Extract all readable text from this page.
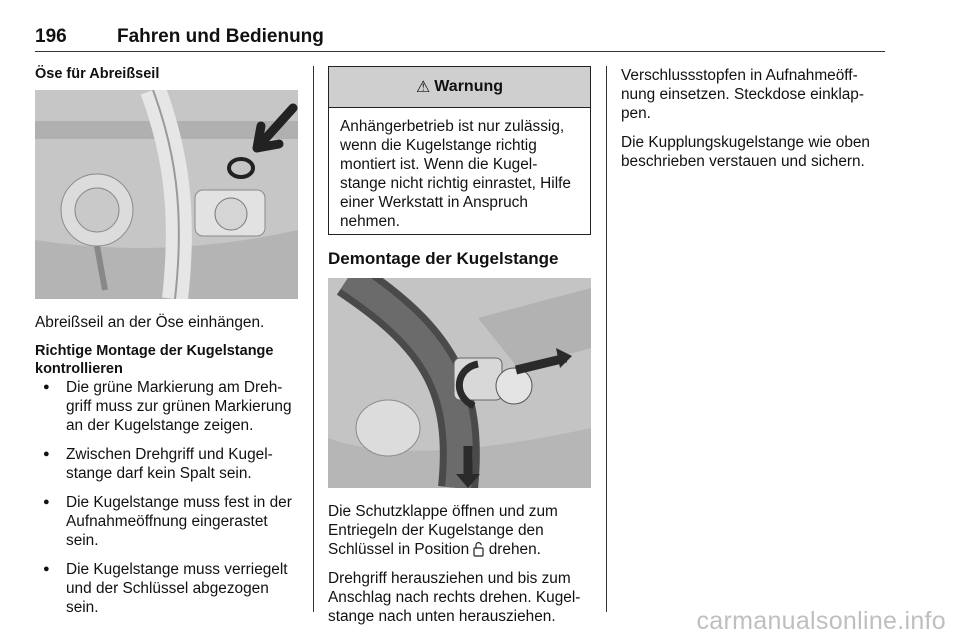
196	Fahren und Bedienung
Öse für Abreißseil

Abreißseil an der Öse einhängen.

Richtige Montage der Kugelstange kontrollieren

● Die grüne Markierung am Dreh-griff muss zur grünen Markierung an der Kugelstange zeigen.
● Zwischen Drehgriff und Kugel-stange darf kein Spalt sein.
● Die Kugelstange muss fest in der Aufnahmeöffnung eingerastet sein.
● Die Kugelstange muss verriegelt und der Schlüssel abgezogen sein.
⚠ Warnung
Anhängerbetrieb ist nur zulässig, wenn die Kugelstange richtig montiert ist. Wenn die Kugel-stange nicht richtig einrastet, Hilfe einer Werkstatt in Anspruch nehmen.
Demontage der Kugelstange

Die Schutzklappe öffnen und zum Entriegeln der Kugelstange den Schlüssel in Position drehen.

Drehgriff herausziehen und bis zum Anschlag nach rechts drehen. Kugel-stange nach unten herausziehen.

Verschlussstopfen in Aufnahmeöff-nung einsetzen. Steckdose einklap-pen.

Die Kupplungskugelstange wie oben beschrieben verstauen und sichern.

carmanualsonline.info
